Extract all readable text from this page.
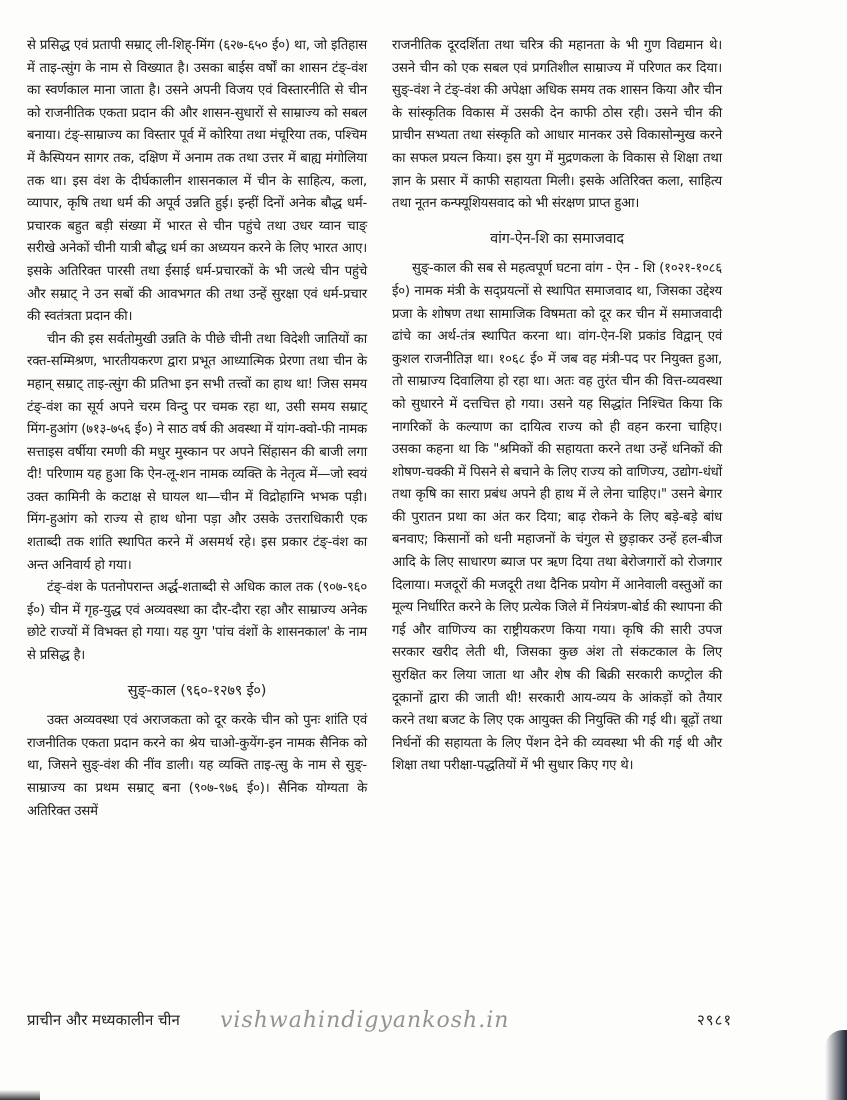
से प्रसिद्ध एवं प्रतापी सम्राट् ली-शिह्-मिंग (६२७-६५० ई०) था, जो इतिहास में ताइ-त्सुंग के नाम से विख्यात है। उसका बाईस वर्षों का शासन टंङ्-वंश का स्वर्णकाल माना जाता है। उसने अपनी विजय एवं विस्तारनीति से चीन को राजनीतिक एकता प्रदान की और शासन-सुधारों से साम्राज्य को सबल बनाया। टंङ्-साम्राज्य का विस्तार पूर्व में कोरिया तथा मंचूरिया तक, पश्चिम में कैस्पियन सागर तक, दक्षिण में अनाम तक तथा उत्तर में बाह्य मंगोलिया तक था। इस वंश के दीर्घकालीन शासनकाल में चीन के साहित्य, कला, व्यापार, कृषि तथा धर्म की अपूर्व उन्नति हुई। इन्हीं दिनों अनेक बौद्ध धर्म-प्रचारक बहुत बड़ी संख्या में भारत से चीन पहुंचे तथा उधर य्वान चाङ् सरीखे अनेकों चीनी यात्री बौद्ध धर्म का अध्ययन करने के लिए भारत आए। इसके अतिरिक्त पारसी तथा ईसाई धर्म-प्रचारकों के भी जत्थे चीन पहुंचे और सम्राट् ने उन सबों की आवभगत की तथा उन्हें सुरक्षा एवं धर्म-प्रचार की स्वतंत्रता प्रदान की।

चीन की इस सर्वतोमुखी उन्नति के पीछे चीनी तथा विदेशी जातियों का रक्त-सम्मिश्रण, भारतीयकरण द्वारा प्रभूत आध्यात्मिक प्रेरणा तथा चीन के महान् सम्राट् ताइ-त्सुंग की प्रतिभा इन सभी तत्त्वों का हाथ था! जिस समय टंङ्-वंश का सूर्य अपने चरम विन्दु पर चमक रहा था, उसी समय सम्राट् मिंग-हुआंग (७१३-७५६ ई०) ने साठ वर्ष की अवस्था में यांग-क्वो-फी नामक सत्ताइस वर्षीया रमणी की मधुर मुस्कान पर अपने सिंहासन की बाजी लगा दी! परिणाम यह हुआ कि ऐन-लू-शन नामक व्यक्ति के नेतृत्व में—जो स्वयं उक्त कामिनी के कटाक्ष से घायल था—चीन में विद्रोहाग्नि भभक पड़ी। मिंग-हुआंग को राज्य से हाथ धोना पड़ा और उसके उत्तराधिकारी एक शताब्दी तक शांति स्थापित करने में असमर्थ रहे। इस प्रकार टंङ्-वंश का अन्त अनिवार्य हो गया।

टंङ्-वंश के पतनोपरान्त अर्द्ध-शताब्दी से अधिक काल तक (९०७-९६० ई०) चीन में गृह-युद्ध एवं अव्यवस्था का दौर-दौरा रहा और साम्राज्य अनेक छोटे राज्यों में विभक्त हो गया। यह युग 'पांच वंशों के शासनकाल' के नाम से प्रसिद्ध है।

सुङ्-काल (९६०-१२७९ ई०)

उक्त अव्यवस्था एवं अराजकता को दूर करके चीन को पुनः शांति एवं राजनीतिक एकता प्रदान करने का श्रेय चाओ-कुयेंग-इन नामक सैनिक को था, जिसने सुङ्-वंश की नींव डाली। यह व्यक्ति ताइ-त्सु के नाम से सुङ्-साम्राज्य का प्रथम सम्राट् बना (९०७-९७६ ई०)। सैनिक योग्यता के अतिरिक्त उसमें

राजनीतिक दूरदर्शिता तथा चरित्र की महानता के भी गुण विद्यमान थे। उसने चीन को एक सबल एवं प्रगतिशील साम्राज्य में परिणत कर दिया। सुङ्-वंश ने टंङ्-वंश की अपेक्षा अधिक समय तक शासन किया और चीन के सांस्कृतिक विकास में उसकी देन काफी ठोस रही। उसने चीन की प्राचीन सभ्यता तथा संस्कृति को आधार मानकर उसे विकासोन्मुख करने का सफल प्रयत्न किया। इस युग में मुद्रणकला के विकास से शिक्षा तथा ज्ञान के प्रसार में काफी सहायता मिली। इसके अतिरिक्त कला, साहित्य तथा नूतन कन्फ्यूशियसवाद को भी संरक्षण प्राप्त हुआ।

वांग-ऐन-शि का समाजवाद

सुङ्-काल की सब से महत्वपूर्ण घटना वांग - ऐन - शि (१०२१-१०८६ ई०) नामक मंत्री के सद्प्रयत्नों से स्थापित समाजवाद था, जिसका उद्देश्य प्रजा के शोषण तथा सामाजिक विषमता को दूर कर चीन में समाजवादी ढांचे का अर्थ-तंत्र स्थापित करना था। वांग-ऐन-शि प्रकांड विद्वान् एवं कुशल राजनीतिज्ञ था। १०६८ ई० में जब वह मंत्री-पद पर नियुक्त हुआ, तो साम्राज्य दिवालिया हो रहा था। अतः वह तुरंत चीन की वित्त-व्यवस्था को सुधारने में दत्तचित्त हो गया। उसने यह सिद्धांत निश्चित किया कि नागरिकों के कल्याण का दायित्व राज्य को ही वहन करना चाहिए। उसका कहना था कि "श्रमिकों की सहायता करने तथा उन्हें धनिकों की शोषण-चक्की में पिसने से बचाने के लिए राज्य को वाणिज्य, उद्योग-धंधों तथा कृषि का सारा प्रबंध अपने ही हाथ में ले लेना चाहिए।" उसने बेगार की पुरातन प्रथा का अंत कर दिया; बाढ़ रोकने के लिए बड़े-बड़े बांध बनवाए; किसानों को धनी महाजनों के चंगुल से छुड़ाकर उन्हें हल-बीज आदि के लिए साधारण ब्याज पर ऋण दिया तथा बेरोजगारों को रोजगार दिलाया। मजदूरों की मजदूरी तथा दैनिक प्रयोग में आनेवाली वस्तुओं का मूल्य निर्धारित करने के लिए प्रत्येक जिले में नियंत्रण-बोर्ड की स्थापना की गई और वाणिज्य का राष्ट्रीयकरण किया गया। कृषि की सारी उपज सरकार खरीद लेती थी, जिसका कुछ अंश तो संकटकाल के लिए सुरक्षित कर लिया जाता था और शेष की बिक्री सरकारी कण्ट्रोल की दूकानों द्वारा की जाती थी! सरकारी आय-व्यय के आंकड़ों को तैयार करने तथा बजट के लिए एक आयुक्त की नियुक्ति की गई थी। बूढ़ों तथा निर्धनों की सहायता के लिए पेंशन देने की व्यवस्था भी की गई थी और शिक्षा तथा परीक्षा-पद्धतियों में भी सुधार किए गए थे।

प्राचीन और मध्यकालीन चीन vishwahindigyankosh.in	२९८१
